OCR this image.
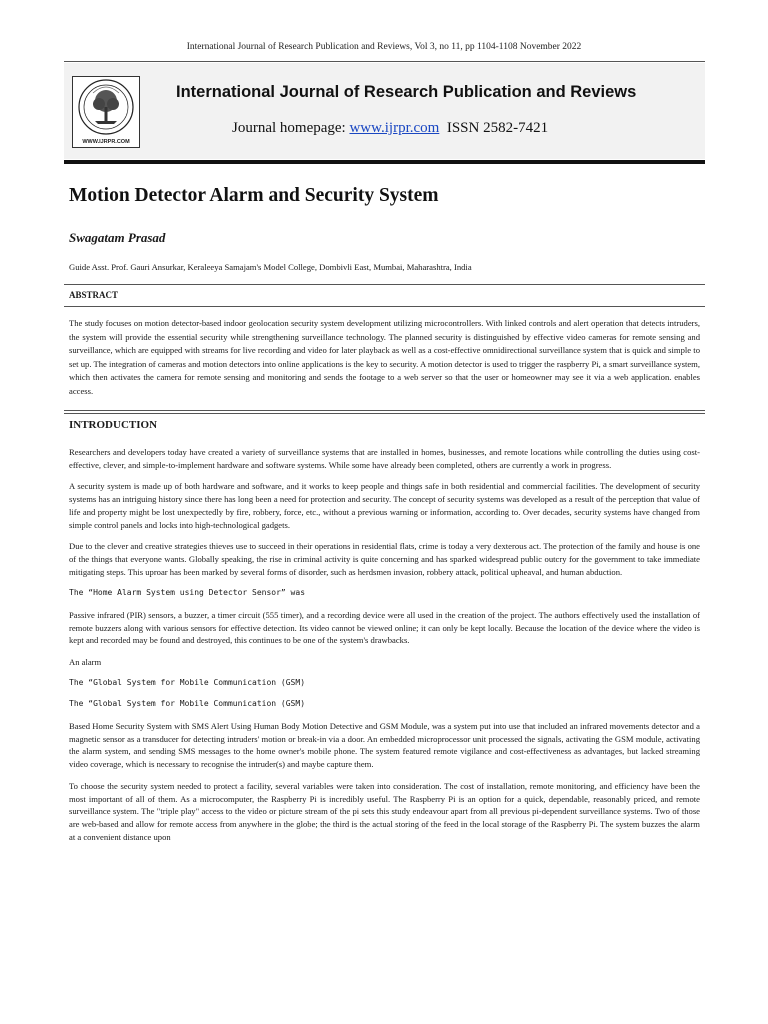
International Journal of Research Publication and Reviews, Vol 3, no 11, pp 1104-1108 November 2022
WWW.IJRPR.COM
International Journal of Research Publication and Reviews
Journal homepage: www.ijrpr.com ISSN 2582-7421
Motion Detector Alarm and Security System
Swagatam Prasad
Guide Asst. Prof. Gauri Ansurkar, Keraleeya Samajam's Model College, Dombivli East, Mumbai, Maharashtra, India
ABSTRACT
The study focuses on motion detector-based indoor geolocation security system development utilizing microcontrollers. With linked controls and alert operation that detects intruders, the system will provide the essential security while strengthening surveillance technology. The planned security is distinguished by effective video cameras for remote sensing and surveillance, which are equipped with streams for live recording and video for later playback as well as a cost-effective omnidirectional surveillance system that is quick and simple to set up. The integration of cameras and motion detectors into online applications is the key to security. A motion detector is used to trigger the raspberry Pi, a smart surveillance system, which then activates the camera for remote sensing and monitoring and sends the footage to a web server so that the user or homeowner may see it via a web application. enables access.
INTRODUCTION

Researchers and developers today have created a variety of surveillance systems that are installed in homes, businesses, and remote locations while controlling the duties using cost-effective, clever, and simple-to-implement hardware and software systems. While some have already been completed, others are currently a work in progress.

A security system is made up of both hardware and software, and it works to keep people and things safe in both residential and commercial facilities. The development of security systems has an intriguing history since there has long been a need for protection and security. The concept of security systems was developed as a result of the perception that value of life and property might be lost unexpectedly by fire, robbery, force, etc., without a previous warning or information, according to. Over decades, security systems have changed from simple control panels and locks into high-technological gadgets.

Due to the clever and creative strategies thieves use to succeed in their operations in residential flats, crime is today a very dexterous act. The protection of the family and house is one of the things that everyone wants. Globally speaking, the rise in criminal activity is quite concerning and has sparked widespread public outcry for the government to take immediate mitigating steps. This uproar has been marked by several forms of disorder, such as herdsmen invasion, robbery attack, political upheaval, and human abduction.

The “Home Alarm System using Detector Sensor” was

Passive infrared (PIR) sensors, a buzzer, a timer circuit (555 timer), and a recording device were all used in the creation of the project. The authors effectively used the installation of remote buzzers along with various sensors for effective detection. Its video cannot be viewed online; it can only be kept locally. Because the location of the device where the video is kept and recorded may be found and destroyed, this continues to be one of the system's drawbacks.

An alarm

The “Global System for Mobile Communication (GSM)

The “Global System for Mobile Communication (GSM)

Based Home Security System with SMS Alert Using Human Body Motion Detective and GSM Module, was a system put into use that included an infrared movements detector and a magnetic sensor as a transducer for detecting intruders' motion or break-in via a door. An embedded microprocessor unit processed the signals, activating the GSM module, activating the alarm system, and sending SMS messages to the home owner's mobile phone. The system featured remote vigilance and cost-effectiveness as advantages, but lacked streaming video coverage, which is necessary to recognise the intruder(s) and maybe capture them.

To choose the security system needed to protect a facility, several variables were taken into consideration. The cost of installation, remote monitoring, and efficiency have been the most important of all of them. As a microcomputer, the Raspberry Pi is incredibly useful. The Raspberry Pi is an option for a quick, dependable, reasonably priced, and remote surveillance system. The "triple play" access to the video or picture stream of the pi sets this study endeavour apart from all previous pi-dependent surveillance systems. Two of those are web-based and allow for remote access from anywhere in the globe; the third is the actual storing of the feed in the local storage of the Raspberry Pi. The system buzzes the alarm at a convenient distance upon
